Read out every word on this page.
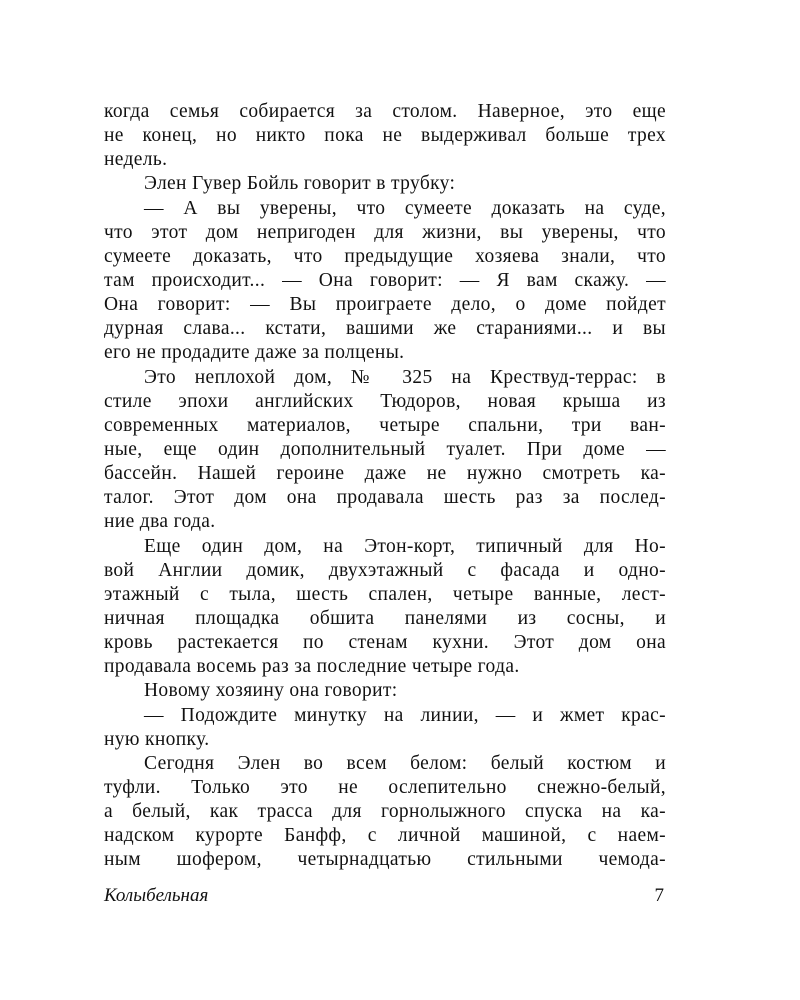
когда семья собирается за столом. Наверное, это еще
не конец, но никто пока не выдерживал больше трех
недель.
Элен Гувер Бойль говорит в трубку:
— А вы уверены, что сумеете доказать на суде,
что этот дом непригоден для жизни, вы уверены, что
сумеете доказать, что предыдущие хозяева знали, что
там происходит... — Она говорит: — Я вам скажу. —
Она говорит: — Вы проиграете дело, о доме пойдет
дурная слава... кстати, вашими же стараниями... и вы
его не продадите даже за полцены.
Это неплохой дом, № 325 на Крествуд-террас: в
стиле эпохи английских Тюдоров, новая крыша из
современных материалов, четыре спальни, три ван-
ные, еще один дополнительный туалет. При доме —
бассейн. Нашей героине даже не нужно смотреть ка-
талог. Этот дом она продавала шесть раз за послед-
ние два года.
Еще один дом, на Этон-корт, типичный для Но-
вой Англии домик, двухэтажный с фасада и одно-
этажный с тыла, шесть спален, четыре ванные, лест-
ничная площадка обшита панелями из сосны, и
кровь растекается по стенам кухни. Этот дом она
продавала восемь раз за последние четыре года.
Новому хозяину она говорит:
— Подождите минутку на линии, — и жмет крас-
ную кнопку.
Сегодня Элен во всем белом: белый костюм и
туфли. Только это не ослепительно снежно-белый,
а белый, как трасса для горнолыжного спуска на ка-
надском курорте Банфф, с личной машиной, с наем-
ным шофером, четырнадцатью стильными чемода-
Колыбельная	7
